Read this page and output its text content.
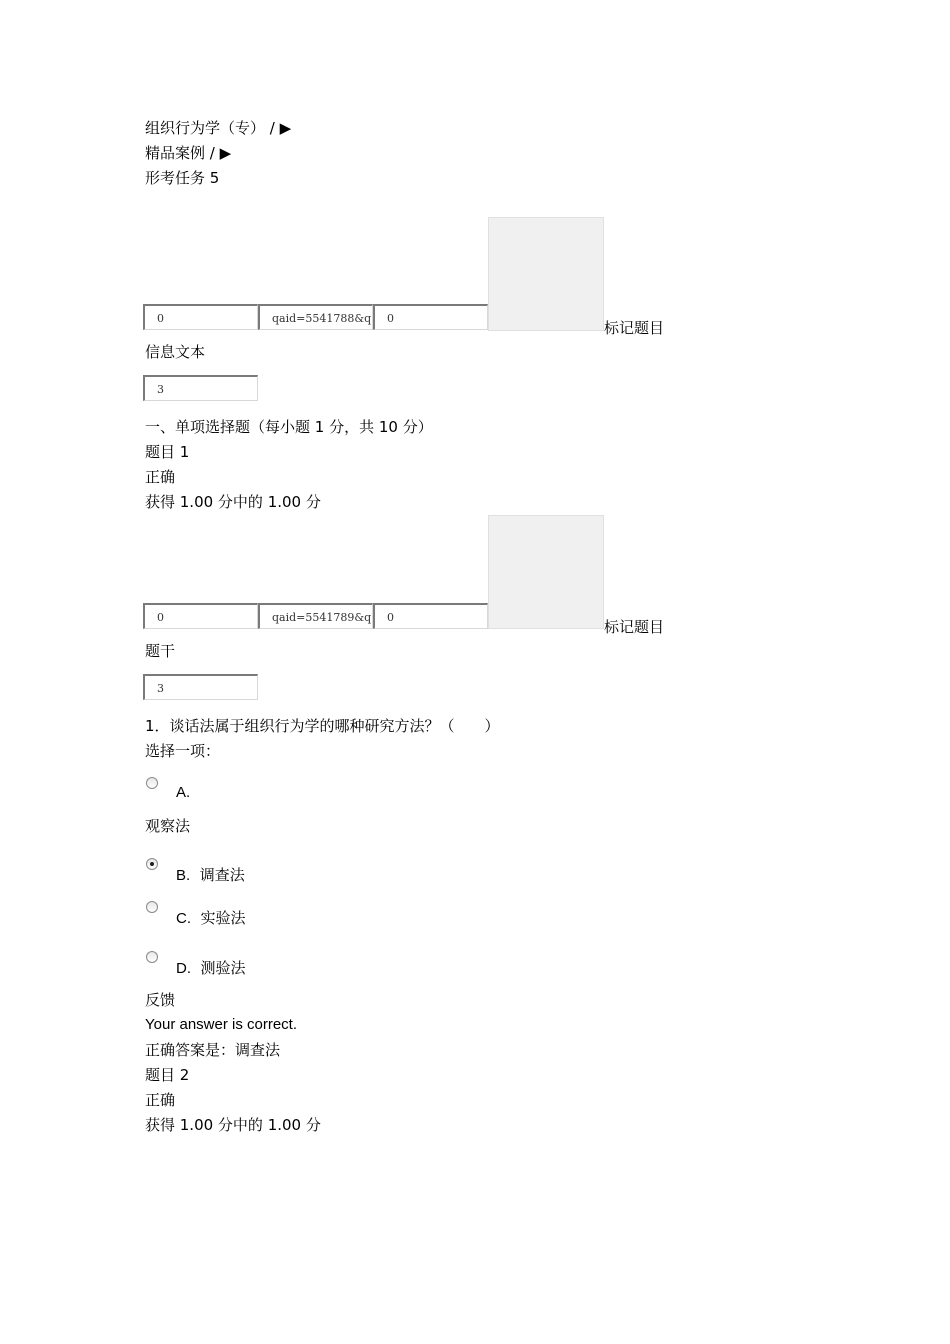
组织行为学（专） / ▶
精品案例 / ▶
形考任务 5
0	qaid=5541788&q	0
标记题目
信息文本
3
一、单项选择题（每小题 1 分，共 10 分）
题目 1
正确
获得 1.00 分中的 1.00 分
0	qaid=5541789&q	0
标记题目
题干
3
1．谈话法属于组织行为学的哪种研究方法？（　　）
选择一项：
A.
观察法
B. 调查法
C. 实验法
D. 测验法
反馈
Your answer is correct.
正确答案是：调查法
题目 2
正确
获得 1.00 分中的 1.00 分
